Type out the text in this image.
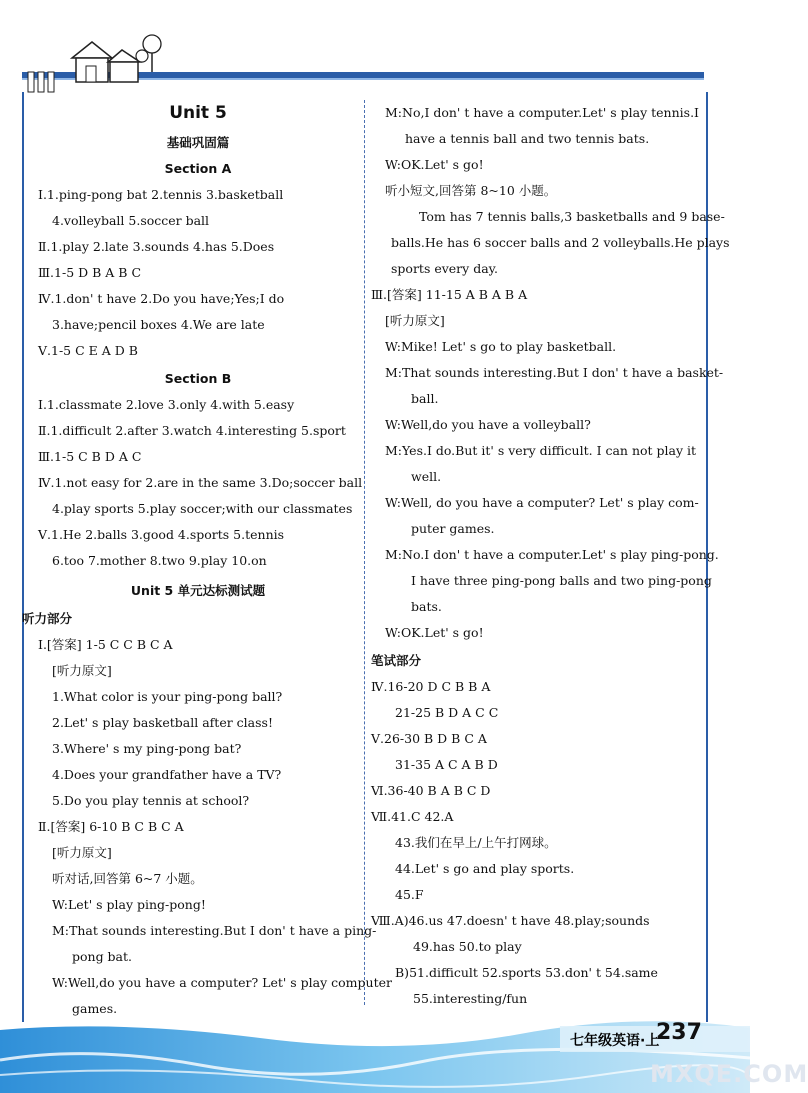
Unit 5
基础巩固篇
Section A
Ⅰ.1.ping-pong bat 2.tennis 3.basketball
4.volleyball 5.soccer ball
Ⅱ.1.play 2.late 3.sounds 4.has 5.Does
Ⅲ.1-5 D B A B C
Ⅳ.1.don' t have 2.Do you have;Yes;I do
3.have;pencil boxes 4.We are late
Ⅴ.1-5 C E A D B
Section B
Ⅰ.1.classmate 2.love 3.only 4.with 5.easy
Ⅱ.1.difficult 2.after 3.watch 4.interesting 5.sport
Ⅲ.1-5 C B D A C
Ⅳ.1.not easy for 2.are in the same 3.Do;soccer ball
4.play sports 5.play soccer;with our classmates
Ⅴ.1.He 2.balls 3.good 4.sports 5.tennis
6.too 7.mother 8.two 9.play 10.on
Unit 5 单元达标测试题
听力部分
Ⅰ.[答案] 1-5 C C B C A
[听力原文]
1.What color is your ping-pong ball?
2.Let' s play basketball after class!
3.Where' s my ping-pong bat?
4.Does your grandfather have a TV?
5.Do you play tennis at school?
Ⅱ.[答案] 6-10 B C B C A
[听力原文]
听对话,回答第 6~7 小题。
W:Let' s play ping-pong!
M:That sounds interesting.But I don' t have a ping-
pong bat.
W:Well,do you have a computer? Let' s play computer
games.
M:No,I don' t have a computer.Let' s play tennis.I
have a tennis ball and two tennis bats.
W:OK.Let' s go!
听小短文,回答第 8~10 小题。
Tom has 7 tennis balls,3 basketballs and 9 base-
balls.He has 6 soccer balls and 2 volleyballs.He plays
sports every day.
Ⅲ.[答案] 11-15 A B A B A
[听力原文]
W:Mike! Let' s go to play basketball.
M:That sounds interesting.But I don' t have a basket-
ball.
W:Well,do you have a volleyball?
M:Yes.I do.But it' s very difficult. I can not play it
well.
W:Well, do you have a computer? Let' s play com-
puter games.
M:No.I don' t have a computer.Let' s play ping-pong.
I have three ping-pong balls and two ping-pong
bats.
W:OK.Let' s go!
笔试部分
Ⅳ.16-20 D C B B A
21-25 B D A C C
Ⅴ.26-30 B D B C A
31-35 A C A B D
Ⅵ.36-40 B A B C D
Ⅶ.41.C 42.A
43.我们在早上/上午打网球。
44.Let' s go and play sports.
45.F
Ⅷ.A)46.us 47.doesn' t have 48.play;sounds
49.has 50.to play
B)51.difficult 52.sports 53.don' t 54.same
55.interesting/fun
七年级英语·上
237
MXQE.COM
